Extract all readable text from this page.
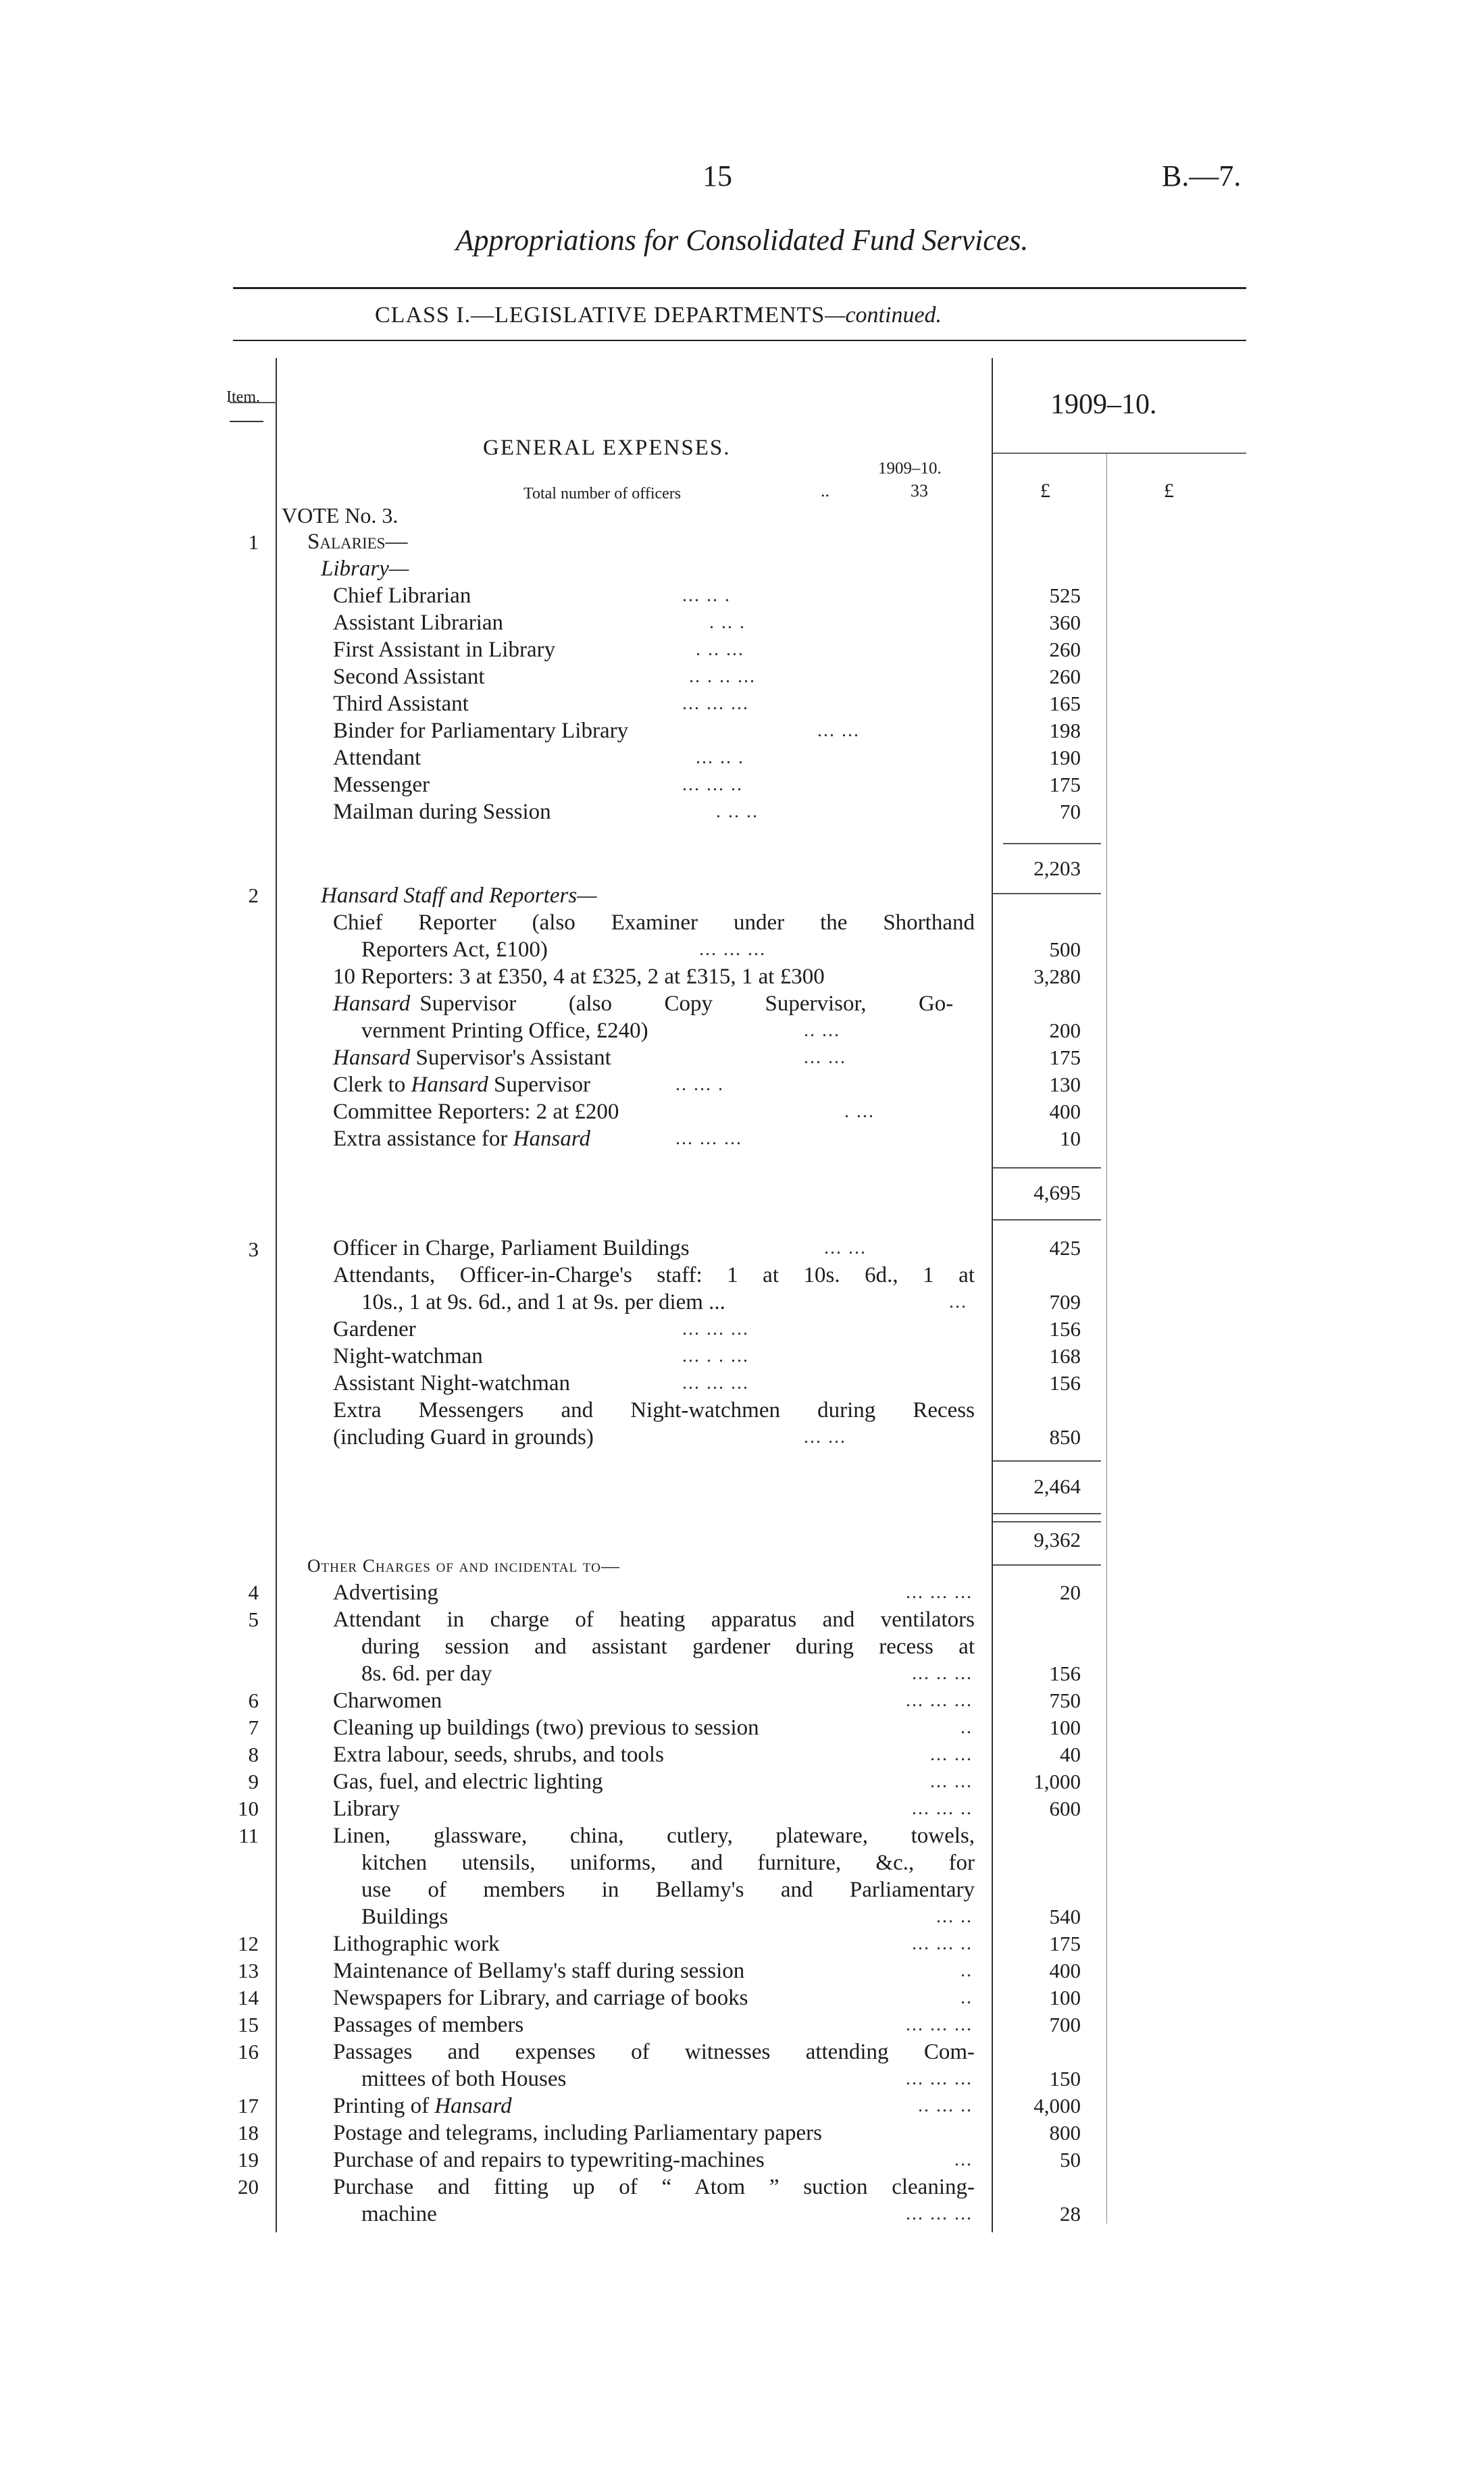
15	B.—7.
Appropriations for Consolidated Fund Services.
CLASS I.—LEGISLATIVE DEPARTMENTS—continued.
Item.	1909–10.
£	£
GENERAL EXPENSES.
1909–10.
Total number of officers	..	33
VOTE No. 3.
1 Salaries—
Library—
Chief Librarian	... .. .	525
Assistant Librarian	. .. .	360
First Assistant in Library	. .. ...	260
Second Assistant	.. . .. ...	260
Third Assistant	... ... ...	165
Binder for Parliamentary Library	... ...	198
Attendant	... .. .	190
Messenger	... ... ..	175
Mailman during Session	. .. ..	70
2,203
2	Hansard Staff and Reporters—
Chief Reporter (also Examiner under the Shorthand
Reporters Act, £100)	... ... ...	500
10 Reporters: 3 at £350, 4 at £325, 2 at £315, 1 at £300	3,280
Hansard Supervisor (also Copy Supervisor, Go-
vernment Printing Office, £240)	.. ...	200
Hansard Supervisor's Assistant	... ...	175
Clerk to Hansard Supervisor	.. ... .	130
Committee Reporters: 2 at £200	. ...	400
Extra assistance for Hansard	... ... ...	10
4,695
3	Officer in Charge, Parliament Buildings	... ...	425
Attendants, Officer-in-Charge's staff: 1 at 10s. 6d., 1 at
10s., 1 at 9s. 6d., and 1 at 9s. per diem ...	...	709
Gardener	... ... ...	156
Night-watchman	... . . ...	168
Assistant Night-watchman	... ... ...	156
Extra Messengers and Night-watchmen during Recess
(including Guard in grounds)	... ...	850
2,464
9,362
Other Charges of and incidental to—
4	Advertising	... ... ...	20
5	Attendant in charge of heating apparatus and ventilators
during session and assistant gardener during recess at
8s. 6d. per day	... .. ...	156
6	Charwomen	... ... ...	750
7	Cleaning up buildings (two) previous to session	..	100
8	Extra labour, seeds, shrubs, and tools	... ...	40
9	Gas, fuel, and electric lighting	... ...	1,000
10	Library	... ... ..	600
11	Linen, glassware, china, cutlery, plateware, towels,
kitchen utensils, uniforms, and furniture, &c., for
use of members in Bellamy's and Parliamentary
Buildings	... ..	540
12	Lithographic work	... ... ..	175
13	Maintenance of Bellamy's staff during session	..	400
14	Newspapers for Library, and carriage of books	..	100
15	Passages of members	... ... ...	700
16	Passages and expenses of witnesses attending Com-
mittees of both Houses	... ... ...	150
17	Printing of Hansard	.. ... ..	4,000
18	Postage and telegrams, including Parliamentary papers	800
19	Purchase of and repairs to typewriting-machines	...	50
20	Purchase and fitting up of “ Atom ” suction cleaning-
machine	... ... ...	28
